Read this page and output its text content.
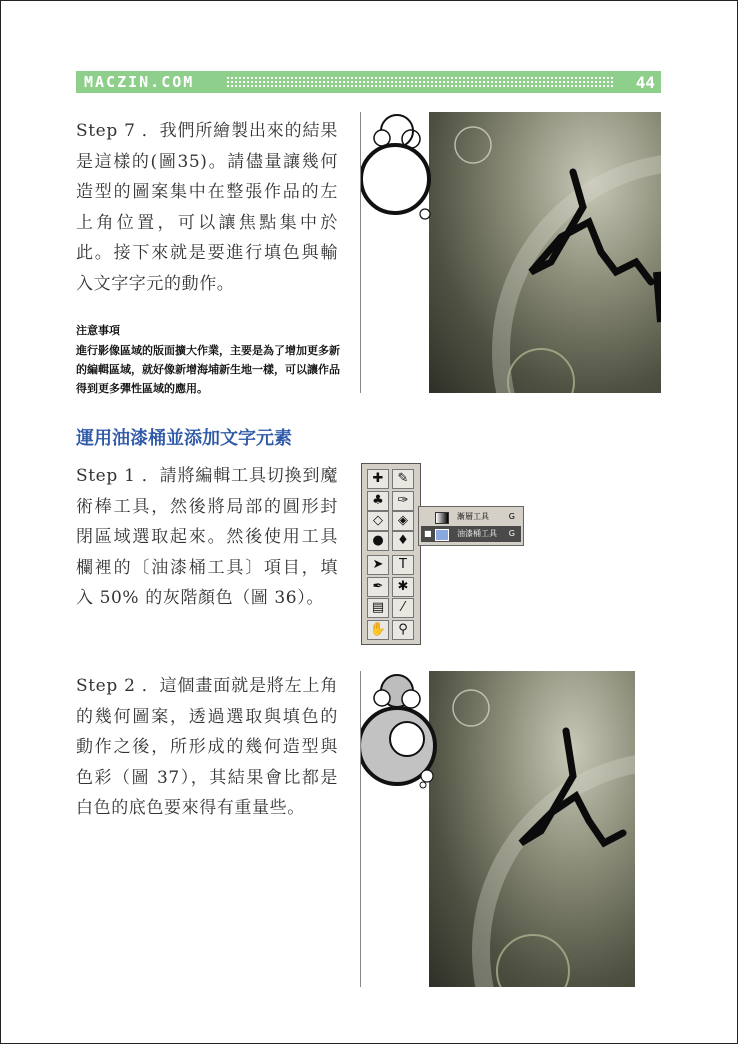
MACZIN.COM	44
Step 7 ．我們所繪製出來的結果是這樣的(圖35)。請儘量讓幾何造型的圖案集中在整張作品的左上角位置，可以讓焦點集中於此。接下來就是要進行填色與輸入文字字元的動作。
注意事項
進行影像區域的版面擴大作業，主要是為了增加更多新的編輯區域，就好像新增海埔新生地一樣，可以讓作品得到更多彈性區域的應用。
運用油漆桶並添加文字元素
Step 1 ．請將編輯工具切換到魔術棒工具，然後將局部的圓形封閉區域選取起來。然後使用工具欄裡的〔油漆桶工具〕項目，填入 50% 的灰階顏色（圖 36）。
Step 2 ．這個畫面就是將左上角的幾何圖案，透過選取與填色的動作之後，所形成的幾何造型與色彩（圖 37），其結果會比都是白色的底色要來得有重量些。
✚	✎
♣	✑
◇	◈
●	♦
➤	T
✒	✱
▤	⁄
✋ ⚲
漸層工具 G
■	油漆桶工具 G
